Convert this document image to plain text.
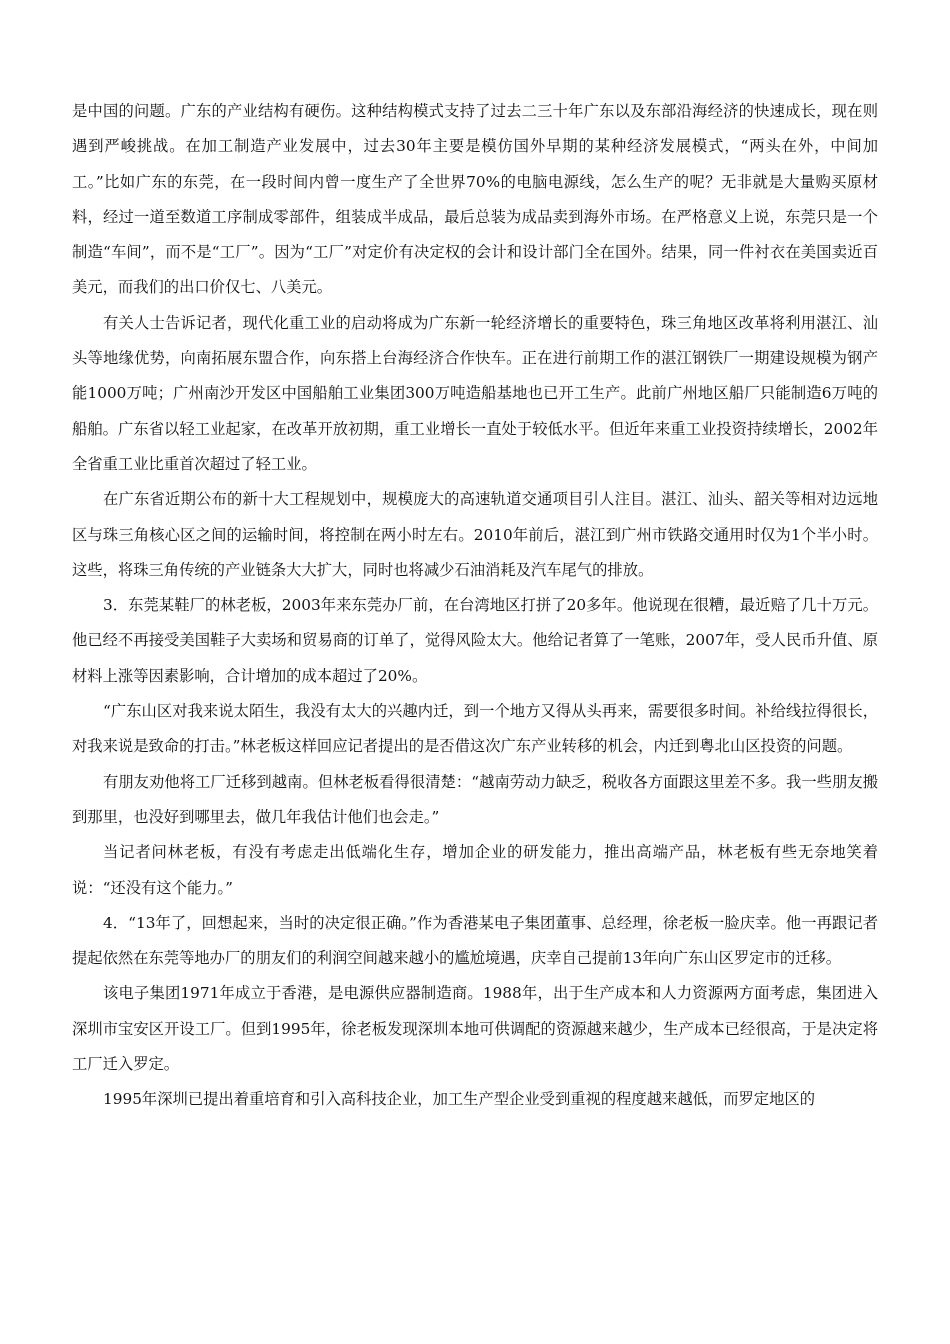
是中国的问题。广东的产业结构有硬伤。这种结构模式支持了过去二三十年广东以及东部沿海经济的快速成长，现在则遇到严峻挑战。在加工制造产业发展中，过去30年主要是模仿国外早期的某种经济发展模式，“两头在外，中间加工。”比如广东的东莞，在一段时间内曾一度生产了全世界70%的电脑电源线，怎么生产的呢？无非就是大量购买原材料，经过一道至数道工序制成零部件，组装成半成品，最后总装为成品卖到海外市场。在严格意义上说，东莞只是一个制造“车间”，而不是“工厂”。因为“工厂”对定价有决定权的会计和设计部门全在国外。结果，同一件衬衣在美国卖近百美元，而我们的出口价仅七、八美元。

有关人士告诉记者，现代化重工业的启动将成为广东新一轮经济增长的重要特色，珠三角地区改革将利用湛江、汕头等地缘优势，向南拓展东盟合作，向东搭上台海经济合作快车。正在进行前期工作的湛江钢铁厂一期建设规模为钢产能1000万吨；广州南沙开发区中国船舶工业集团300万吨造船基地也已开工生产。此前广州地区船厂只能制造6万吨的船舶。广东省以轻工业起家，在改革开放初期，重工业增长一直处于较低水平。但近年来重工业投资持续增长，2002年全省重工业比重首次超过了轻工业。

在广东省近期公布的新十大工程规划中，规模庞大的高速轨道交通项目引人注目。湛江、汕头、韶关等相对边远地区与珠三角核心区之间的运输时间，将控制在两小时左右。2010年前后，湛江到广州市铁路交通用时仅为1个半小时。这些，将珠三角传统的产业链条大大扩大，同时也将减少石油消耗及汽车尾气的排放。

3．东莞某鞋厂的林老板，2003年来东莞办厂前，在台湾地区打拼了20多年。他说现在很糟，最近赔了几十万元。他已经不再接受美国鞋子大卖场和贸易商的订单了，觉得风险太大。他给记者算了一笔账，2007年，受人民币升值、原材料上涨等因素影响，合计增加的成本超过了20%。

“广东山区对我来说太陌生，我没有太大的兴趣内迁，到一个地方又得从头再来，需要很多时间。补给线拉得很长，对我来说是致命的打击。”林老板这样回应记者提出的是否借这次广东产业转移的机会，内迁到粤北山区投资的问题。

有朋友劝他将工厂迁移到越南。但林老板看得很清楚：“越南劳动力缺乏，税收各方面跟这里差不多。我一些朋友搬到那里，也没好到哪里去，做几年我估计他们也会走。”

当记者问林老板，有没有考虑走出低端化生存，增加企业的研发能力，推出高端产品，林老板有些无奈地笑着说：“还没有这个能力。”

4．“13年了，回想起来，当时的决定很正确。”作为香港某电子集团董事、总经理，徐老板一脸庆幸。他一再跟记者提起依然在东莞等地办厂的朋友们的利润空间越来越小的尴尬境遇，庆幸自己提前13年向广东山区罗定市的迁移。

该电子集团1971年成立于香港，是电源供应器制造商。1988年，出于生产成本和人力资源两方面考虑，集团进入深圳市宝安区开设工厂。但到1995年，徐老板发现深圳本地可供调配的资源越来越少，生产成本已经很高，于是决定将工厂迁入罗定。

1995年深圳已提出着重培育和引入高科技企业，加工生产型企业受到重视的程度越来越低，而罗定地区的
